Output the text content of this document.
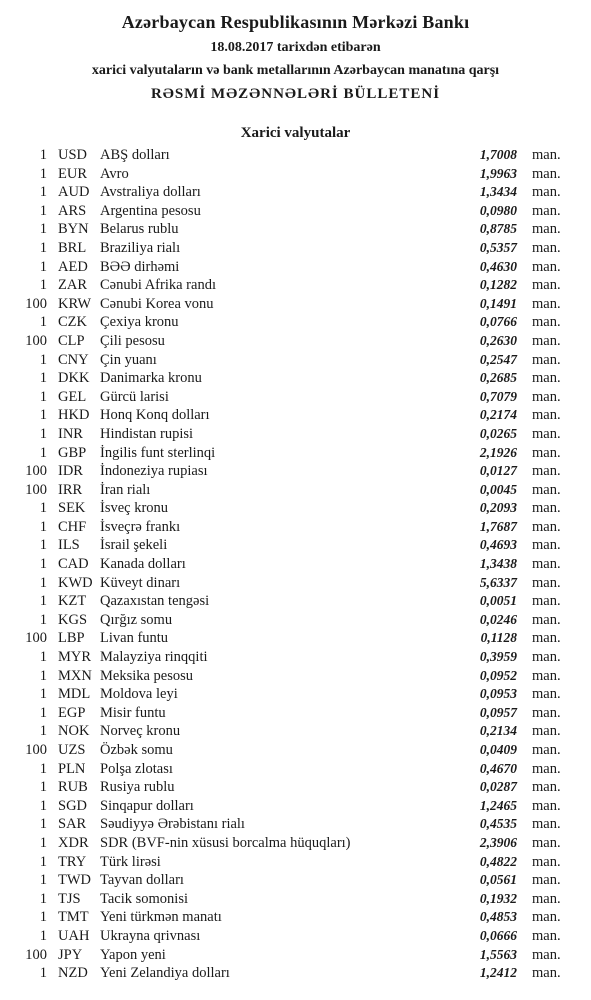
Azərbaycan Respublikasının Mərkəzi Bankı
18.08.2017 tarixdən etibarən
xarici valyutaların və bank metallarının Azərbaycan manatına qarşı
RƏSMİ MƏZƏNNƏLƏRİ BÜLLETENİ
Xarici valyutalar
1 USD ABŞ dolları	1,7008 man.
1 EUR Avro	1,9963 man.
1 AUD Avstraliya dolları	1,3434 man.
1 ARS Argentina pesosu	0,0980 man.
1 BYN Belarus rublu	0,8785 man.
1 BRL Braziliya rialı	0,5357 man.
1 AED BƏƏ dirhəmi	0,4630 man.
1 ZAR Cənubi Afrika randı	0,1282 man.
100 KRW Cənubi Korea vonu	0,1491 man.
1 CZK Çexiya kronu	0,0766 man.
100 CLP Çili pesosu	0,2630 man.
1 CNY Çin yuanı	0,2547 man.
1 DKK Danimarka kronu	0,2685 man.
1 GEL Gürcü larisi	0,7079 man.
1 HKD Honq Konq dolları	0,2174 man.
1 INR Hindistan rupisi	0,0265 man.
1 GBP İngilis funt sterlinqi	2,1926 man.
100 IDR İndoneziya rupiası	0,0127 man.
100 IRR İran rialı	0,0045 man.
1 SEK İsveç kronu	0,2093 man.
1 CHF İsveçrə frankı	1,7687 man.
1 ILS İsrail şekeli	0,4693 man.
1 CAD Kanada dolları	1,3438 man.
1 KWD Küveyt dinarı	5,6337 man.
1 KZT Qazaxıstan tengəsi	0,0051 man.
1 KGS Qırğız somu	0,0246 man.
100 LBP Livan funtu	0,1128 man.
1 MYR Malayziya rinqqiti	0,3959 man.
1 MXN Meksika pesosu	0,0952 man.
1 MDL Moldova leyi	0,0953 man.
1 EGP Misir funtu	0,0957 man.
1 NOK Norveç kronu	0,2134 man.
100 UZS Özbək somu	0,0409 man.
1 PLN Polşa zlotası	0,4670 man.
1 RUB Rusiya rublu	0,0287 man.
1 SGD Sinqapur dolları	1,2465 man.
1 SAR Səudiyyə Ərəbistanı rialı	0,4535 man.
1 XDR SDR (BVF-nin xüsusi borcalma hüquqları)	2,3906 man.
1 TRY Türk lirəsi	0,4822 man.
1 TWD Tayvan dolları	0,0561 man.
1 TJS Tacik somonisi	0,1932 man.
1 TMT Yeni türkmən manatı	0,4853 man.
1 UAH Ukrayna qrivnası	0,0666 man.
100 JPY Yapon yeni	1,5563 man.
1 NZD Yeni Zelandiya dolları	1,2412 man.
